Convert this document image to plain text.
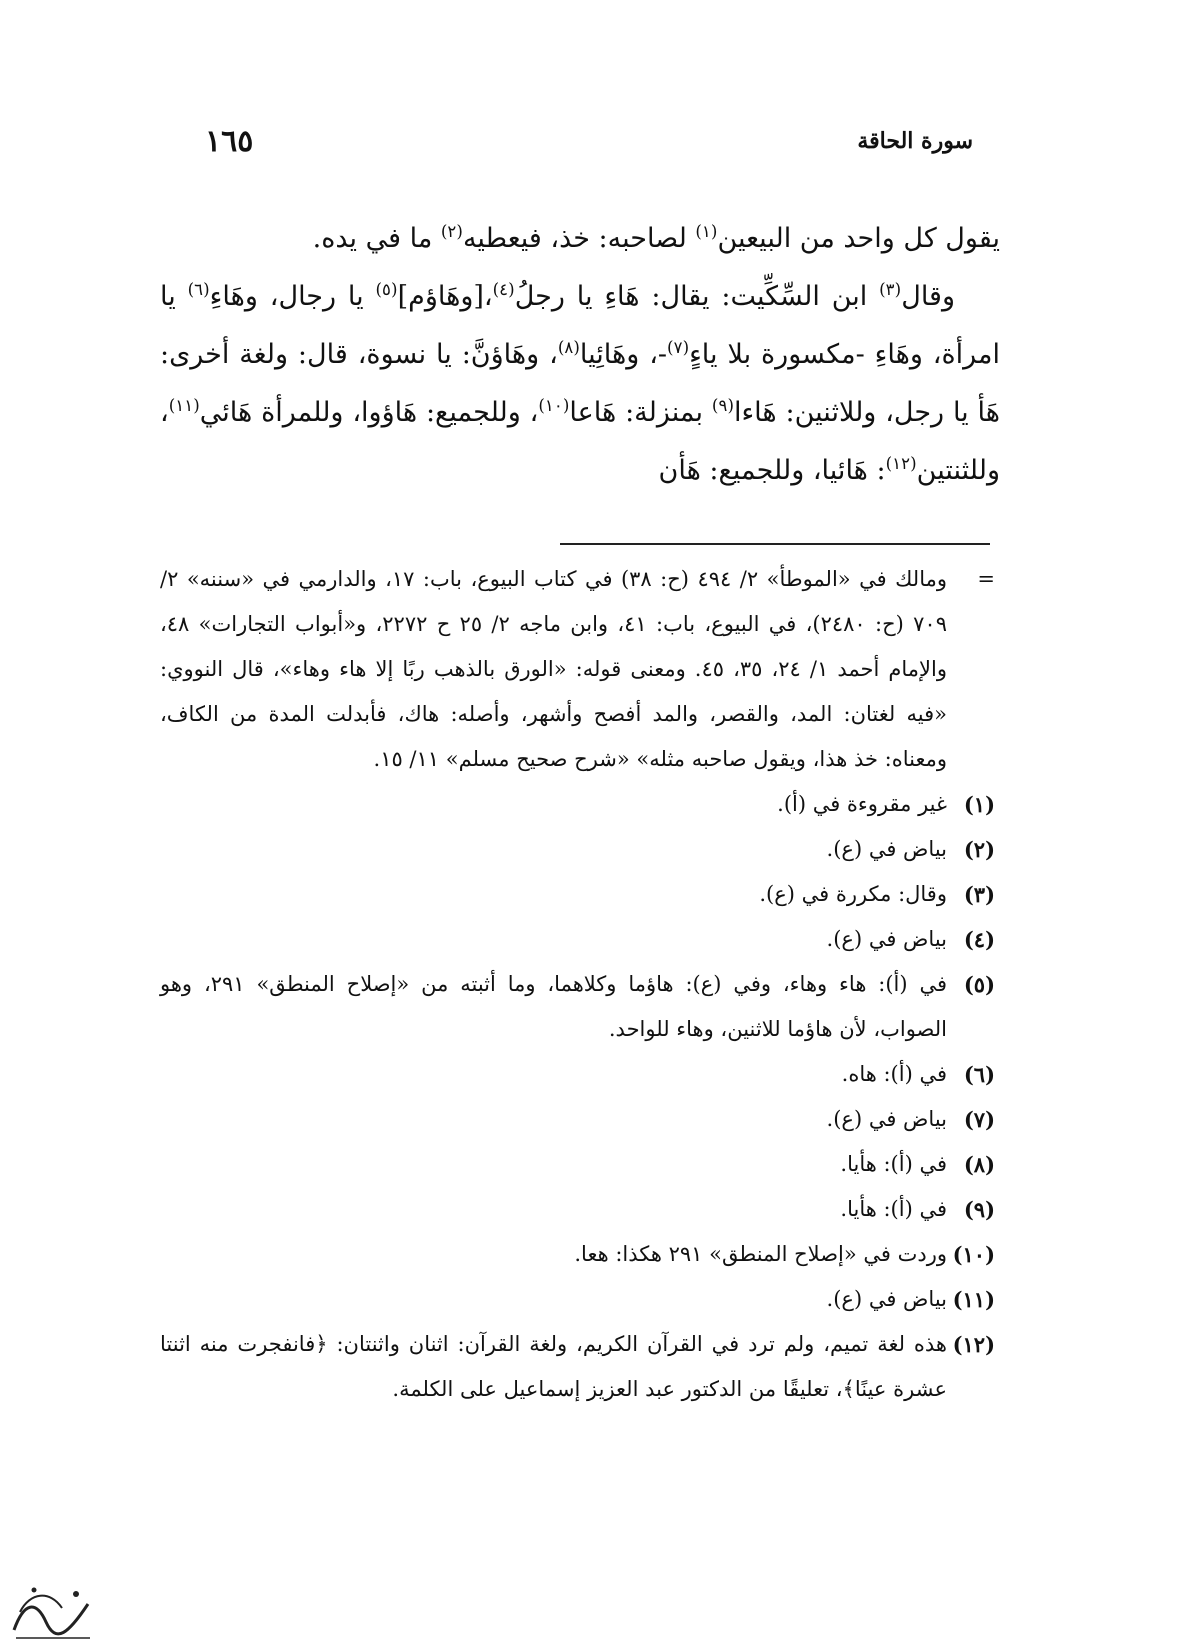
سورة الحاقة
١٦٥

يقول كل واحد من البيعين$^{(١)}$ لصاحبه: خذ، فيعطيه$^{(٢)}$ ما في يده.

وقال$^{(٣)}$ ابن السِّكِّيت: يقال: هَاءِ يا رجلُ$^{(٤)}$،[وهَاؤم]$^{(٥)}$ يا رجال، وهَاءِ$^{(٦)}$ يا امرأة، وهَاءِ -مكسورة بلا ياءٍ$^{(٧)}$-، وهَائِيا$^{(٨)}$، وهَاؤنَّ: يا نسوة، قال: ولغة أخرى: هَأ يا رجل، وللاثنين: هَاءا$^{(٩)}$ بمنزلة: هَاعا$^{(١٠)}$، وللجميع: هَاؤوا، وللمرأة هَائي$^{(١١)}$، وللثنتين$^{(١٢)}$: هَائيا، وللجميع: هَأن

=
ومالك في «الموطأ» ٢/ ٤٩٤ (ح: ٣٨) في كتاب البيوع، باب: ١٧، والدارمي في «سننه» ٢/ ٧٠٩ (ح: ٢٤٨٠)، في البيوع، باب: ٤١، وابن ماجه ٢/ ٢٥ ح ٢٢٧٢، و«أبواب التجارات» ٤٨، والإمام أحمد ١/ ٢٤، ٣٥، ٤٥. ومعنى قوله: «الورق بالذهب ربًا إلا هاء وهاء»، قال النووي: «فيه لغتان: المد، والقصر، والمد أفصح وأشهر، وأصله: هاك، فأبدلت المدة من الكاف، ومعناه: خذ هذا، ويقول صاحبه مثله» «شرح صحيح مسلم» ١١/ ١٥.
(١)
غير مقروءة في (أ).
(٢)
بياض في (ع).
(٣)
وقال: مكررة في (ع).
(٤)
بياض في (ع).
(٥)
في (أ): هاء وهاء، وفي (ع): هاؤما وكلاهما، وما أثبته من «إصلاح المنطق» ٢٩١، وهو الصواب، لأن هاؤما للاثنين، وهاء للواحد.
(٦)
في (أ): هاه.
(٧)
بياض في (ع).
(٨)
في (أ): هأيا.
(٩)
في (أ): هأيا.
(١٠)
وردت في «إصلاح المنطق» ٢٩١ هكذا: هعا.
(١١)
بياض في (ع).
(١٢)
هذه لغة تميم، ولم ترد في القرآن الكريم، ولغة القرآن: اثنان واثنتان: ﴿فانفجرت منه اثنتا عشرة عينًا﴾، تعليقًا من الدكتور عبد العزيز إسماعيل على الكلمة.
